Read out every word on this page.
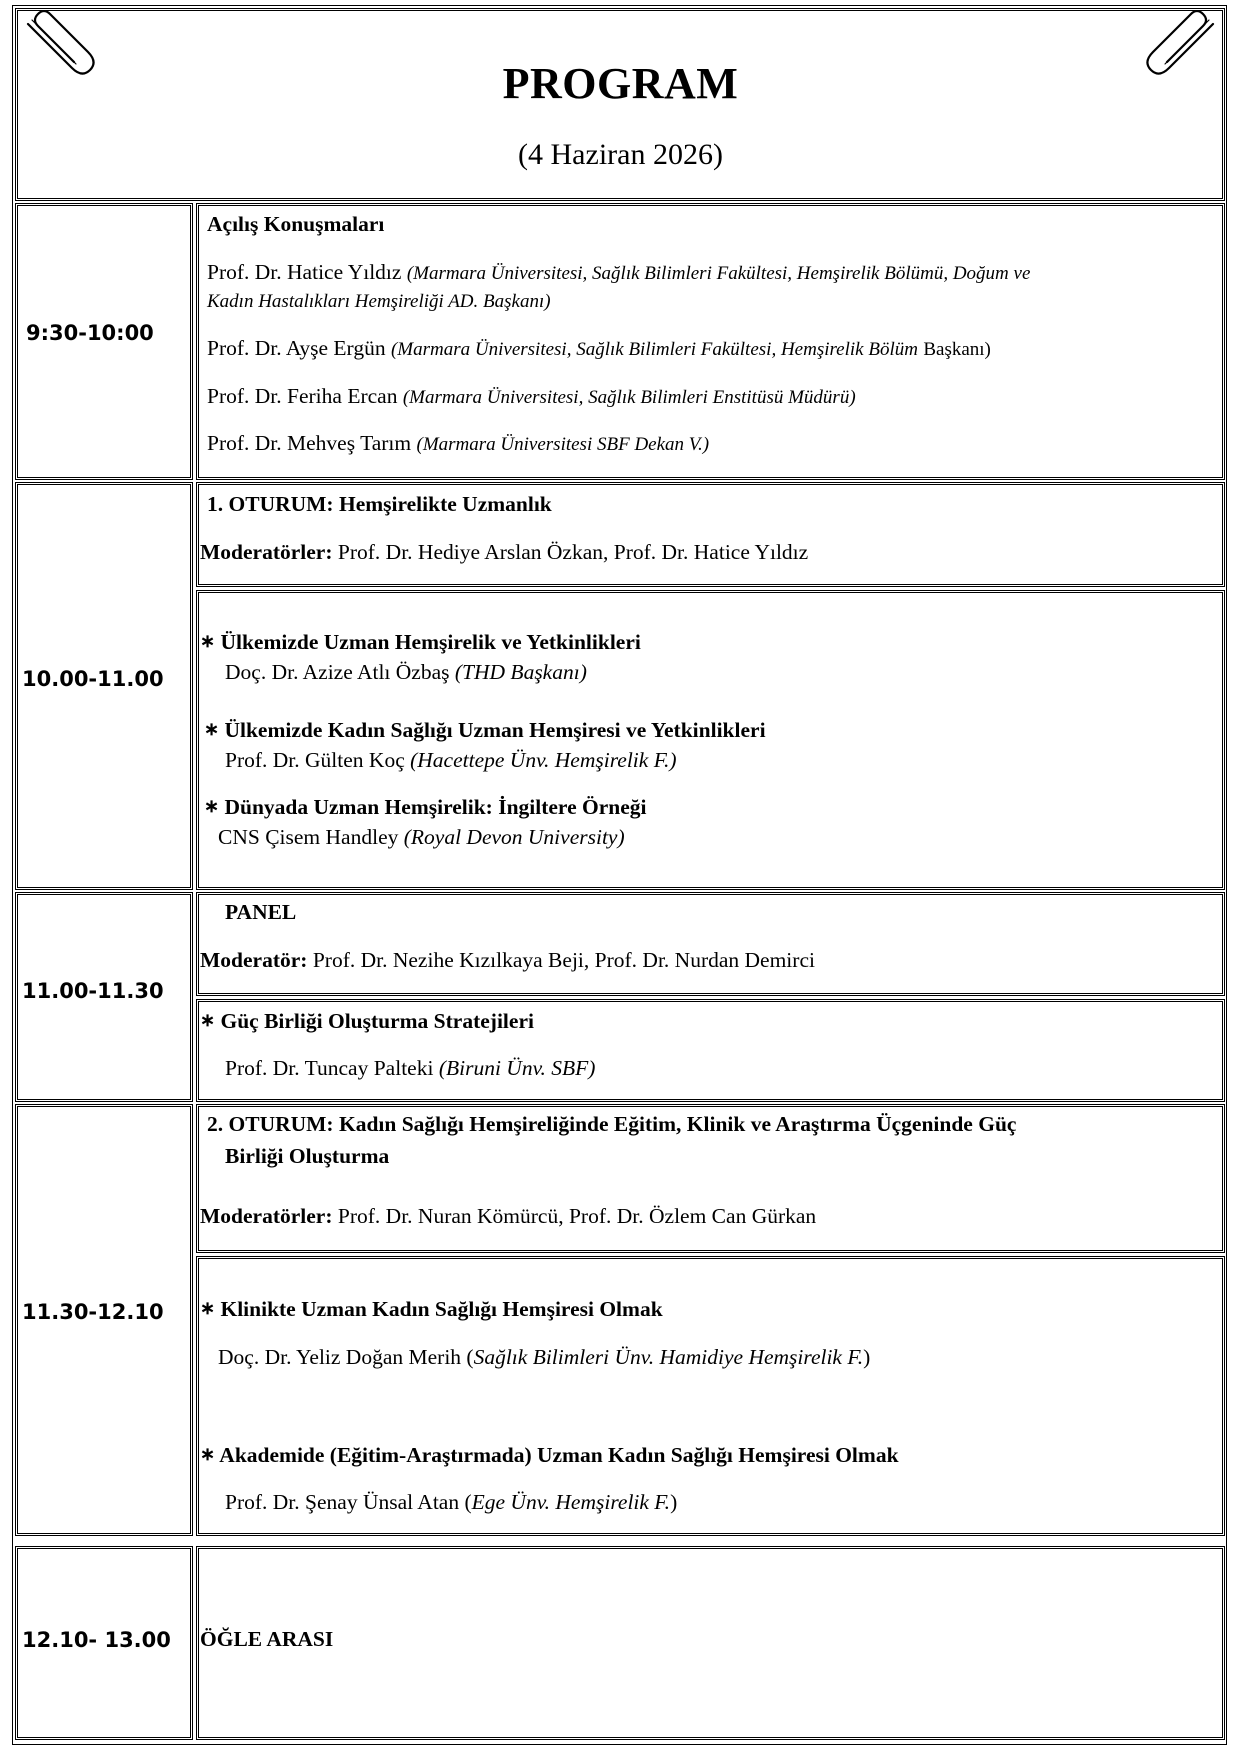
PROGRAM
(4 Haziran 2026)
9:30-10:00
Açılış Konuşmaları
Prof. Dr. Hatice Yıldız (Marmara Üniversitesi, Sağlık Bilimleri Fakültesi, Hemşirelik Bölümü, Doğum ve
Kadın Hastalıkları Hemşireliği AD. Başkanı)
Prof. Dr. Ayşe Ergün (Marmara Üniversitesi, Sağlık Bilimleri Fakültesi, Hemşirelik Bölüm Başkanı)
Prof. Dr. Feriha Ercan (Marmara Üniversitesi, Sağlık Bilimleri Enstitüsü Müdürü)
Prof. Dr. Mehveş Tarım (Marmara Üniversitesi SBF Dekan V.)
10.00-11.00
1. OTURUM: Hemşirelikte Uzmanlık
Moderatörler: Prof. Dr. Hediye Arslan Özkan, Prof. Dr. Hatice Yıldız
∗ Ülkemizde Uzman Hemşirelik ve Yetkinlikleri
Doç. Dr. Azize Atlı Özbaş (THD Başkanı)
∗ Ülkemizde Kadın Sağlığı Uzman Hemşiresi ve Yetkinlikleri
Prof. Dr. Gülten Koç (Hacettepe Ünv. Hemşirelik F.)
∗ Dünyada Uzman Hemşirelik: İngiltere Örneği
CNS Çisem Handley (Royal Devon University)
11.00-11.30
PANEL
Moderatör: Prof. Dr. Nezihe Kızılkaya Beji, Prof. Dr. Nurdan Demirci
∗ Güç Birliği Oluşturma Stratejileri
Prof. Dr. Tuncay Palteki (Biruni Ünv. SBF)
11.30-12.10
2. OTURUM: Kadın Sağlığı Hemşireliğinde Eğitim, Klinik ve Araştırma Üçgeninde Güç
Birliği Oluşturma
Moderatörler: Prof. Dr. Nuran Kömürcü, Prof. Dr. Özlem Can Gürkan
∗ Klinikte Uzman Kadın Sağlığı Hemşiresi Olmak
Doç. Dr. Yeliz Doğan Merih (Sağlık Bilimleri Ünv. Hamidiye Hemşirelik F.)
∗ Akademide (Eğitim-Araştırmada) Uzman Kadın Sağlığı Hemşiresi Olmak
Prof. Dr. Şenay Ünsal Atan (Ege Ünv. Hemşirelik F.)
12.10- 13.00 ÖĞLE ARASI
